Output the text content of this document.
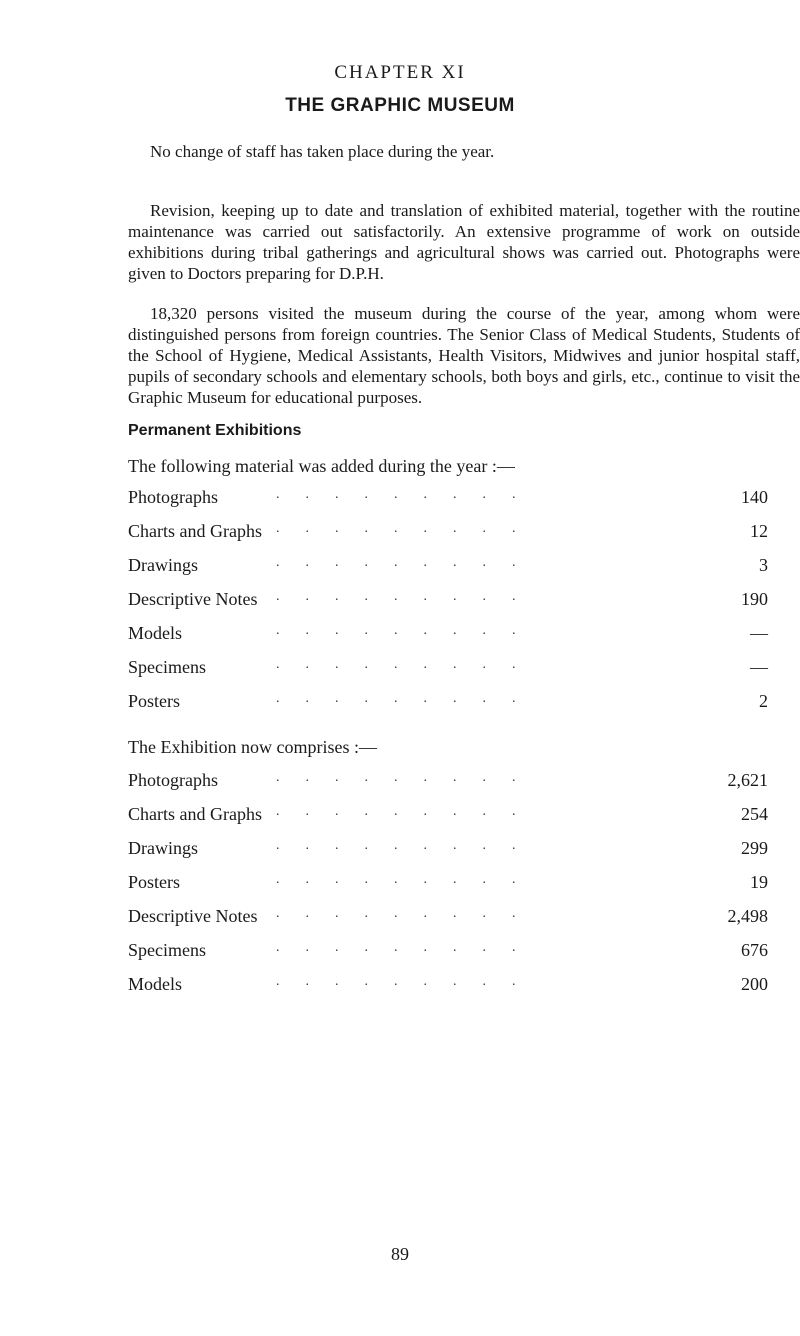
CHAPTER XI
THE GRAPHIC MUSEUM

No change of staff has taken place during the year.

Revision, keeping up to date and translation of exhibited material, together with the routine maintenance was carried out satisfactorily. An extensive programme of work on outside exhibitions during tribal gatherings and agricultural shows was carried out. Photographs were given to Doctors preparing for D.P.H.

18,320 persons visited the museum during the course of the year, among whom were distinguished persons from foreign countries. The Senior Class of Medical Students, Students of the School of Hygiene, Medical Assistants, Health Visitors, Midwives and junior hospital staff, pupils of secondary schools and elementary schools, both boys and girls, etc., continue to visit the Graphic Museum for educational purposes.

Permanent Exhibitions
The following material was added during the year :—
Photographs	.........	140
Charts and Graphs	.........	12
Drawings	.........	3
Descriptive Notes	.........	190
Models	.........	—
Specimens	.........	—
Posters	.........	2
The Exhibition now comprises :—
Photographs	.........	2,621
Charts and Graphs	.........	254
Drawings	.........	299
Posters	.........	19
Descriptive Notes	.........	2,498
Specimens	.........	676
Models	.........	200
89
